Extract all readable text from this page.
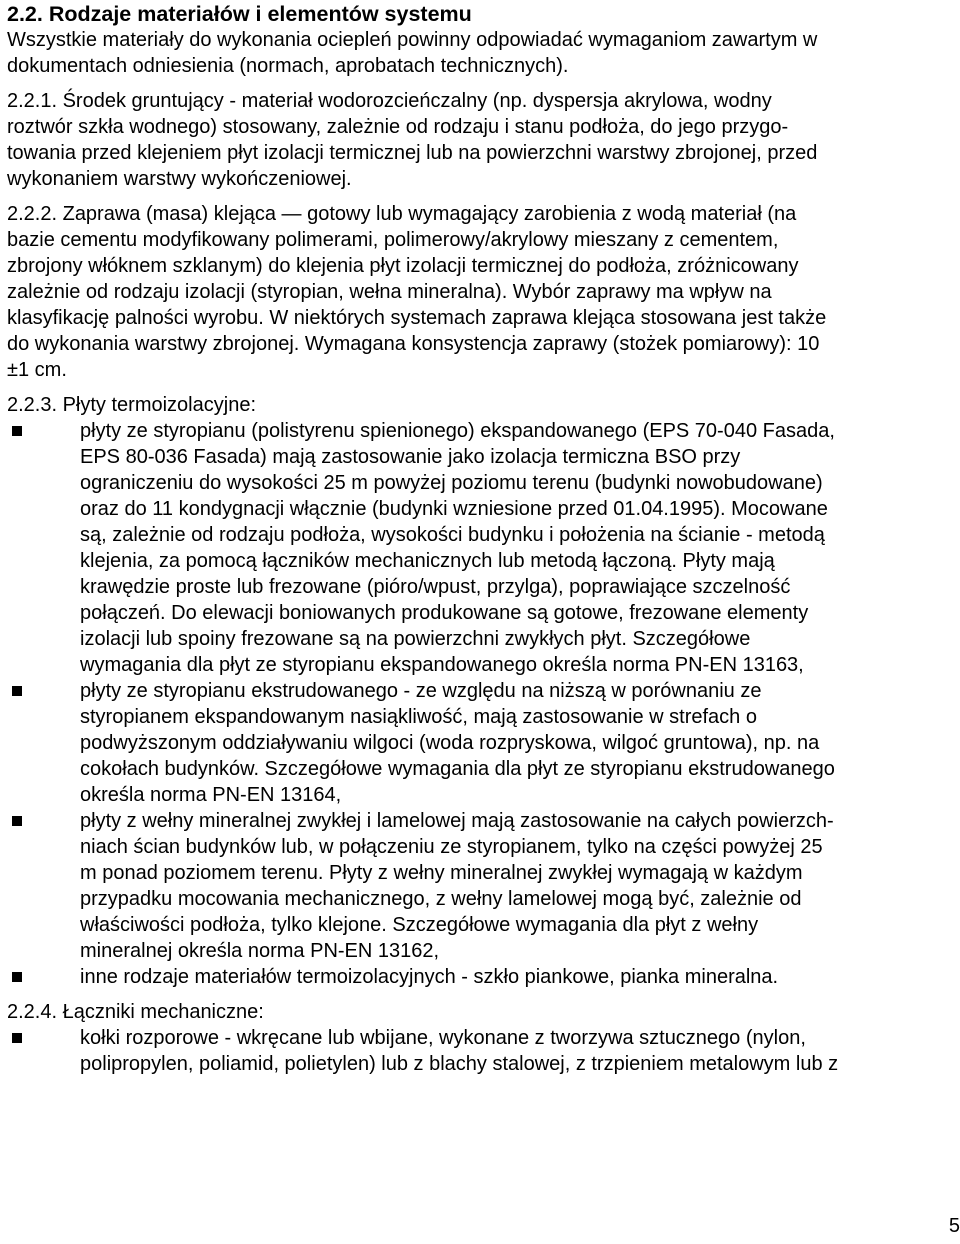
2.2. Rodzaje materiałów i elementów systemu
Wszystkie materiały do wykonania ociepleń powinny odpowiadać wymaganiom zawartym w
dokumentach odniesienia (normach, aprobatach technicznych).
2.2.1. Środek gruntujący - materiał wodorozcieńczalny (np. dyspersja akrylowa, wodny
roztwór szkła wodnego) stosowany, zależnie od rodzaju i stanu podłoża, do jego przygo-
towania przed klejeniem płyt izolacji termicznej lub na powierzchni warstwy zbrojonej, przed
wykonaniem warstwy wykończeniowej.
2.2.2. Zaprawa (masa) klejąca — gotowy lub wymagający zarobienia z wodą materiał (na
bazie cementu modyfikowany polimerami, polimerowy/akrylowy mieszany z cementem,
zbrojony włóknem szklanym) do klejenia płyt izolacji termicznej do podłoża, zróżnicowany
zależnie od rodzaju izolacji (styropian, wełna mineralna). Wybór zaprawy ma wpływ na
klasyfikację palności wyrobu. W niektórych systemach zaprawa klejąca stosowana jest także
do wykonania warstwy zbrojonej. Wymagana konsystencja zaprawy (stożek pomiarowy): 10
±1 cm.
2.2.3. Płyty termoizolacyjne:
płyty ze styropianu (polistyrenu spienionego) ekspandowanego (EPS 70-040 Fasada,
EPS 80-036 Fasada) mają zastosowanie jako izolacja termiczna BSO przy
ograniczeniu do wysokości 25 m powyżej poziomu terenu (budynki nowobudowane)
oraz do 11 kondygnacji włącznie (budynki wzniesione przed 01.04.1995). Mocowane
są, zależnie od rodzaju podłoża, wysokości budynku i położenia na ścianie - metodą
klejenia, za pomocą łączników mechanicznych lub metodą łączoną. Płyty mają
krawędzie proste lub frezowane (pióro/wpust, przylga), poprawiające szczelność
połączeń. Do elewacji boniowanych produkowane są gotowe, frezowane elementy
izolacji lub spoiny frezowane są na powierzchni zwykłych płyt. Szczegółowe
wymagania dla płyt ze styropianu ekspandowanego określa norma PN-EN 13163,
płyty ze styropianu ekstrudowanego - ze względu na niższą w porównaniu ze
styropianem ekspandowanym nasiąkliwość, mają zastosowanie w strefach o
podwyższonym oddziaływaniu wilgoci (woda rozpryskowa, wilgoć gruntowa), np. na
cokołach budynków. Szczegółowe wymagania dla płyt ze styropianu ekstrudowanego
określa norma PN-EN 13164,
płyty z wełny mineralnej zwykłej i lamelowej mają zastosowanie na całych powierzch-
niach ścian budynków lub, w połączeniu ze styropianem, tylko na części powyżej 25
m ponad poziomem terenu. Płyty z wełny mineralnej zwykłej wymagają w każdym
przypadku mocowania mechanicznego, z wełny lamelowej mogą być, zależnie od
właściwości podłoża, tylko klejone. Szczegółowe wymagania dla płyt z wełny
mineralnej określa norma PN-EN 13162,
inne rodzaje materiałów termoizolacyjnych - szkło piankowe, pianka mineralna.
2.2.4. Łączniki mechaniczne:
kołki rozporowe - wkręcane lub wbijane, wykonane z tworzywa sztucznego (nylon,
polipropylen, poliamid, polietylen) lub z blachy stalowej, z trzpieniem metalowym lub z
5
